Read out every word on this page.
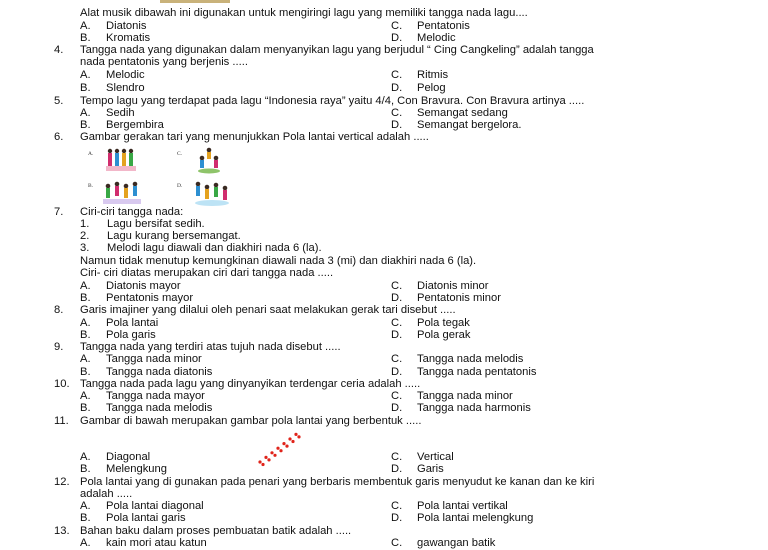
Alat musik dibawah ini digunakan untuk mengiringi lagu yang memiliki tangga nada lagu....
A. Diatonis	C. Pentatonis
B. Kromatis	D. Melodic
4. Tangga nada yang digunakan dalam menyanyikan lagu yang berjudul “ Cing Cangkeling” adalah tangga
nada pentatonis yang berjenis .....
A. Melodic	C. Ritmis
B. Slendro	D. Pelog
5. Tempo lagu yang terdapat pada lagu “Indonesia raya” yaitu 4/4, Con Bravura. Con Bravura artinya .....
A. Sedih	C. Semangat sedang
B. Bergembira	D. Semangat bergelora.
6. Gambar gerakan tari yang menunjukkan Pola lantai vertical adalah .....
A.	C.
B.	D.
7. Ciri-ciri tangga nada:
1. Lagu bersifat sedih.
2. Lagu kurang bersemangat.
3. Melodi lagu diawali dan diakhiri nada 6 (la).
Namun tidak menutup kemungkinan diawali nada 3 (mi) dan diakhiri nada 6 (la).
Ciri- ciri diatas merupakan ciri dari tangga nada .....
A. Diatonis mayor	C. Diatonis minor
B. Pentatonis mayor	D. Pentatonis minor
8. Garis imajiner yang dilalui oleh penari saat melakukan gerak tari disebut .....
A. Pola lantai	C. Pola tegak
B. Pola garis	D. Pola gerak
9. Tangga nada yang terdiri atas tujuh nada disebut .....
A. Tangga nada minor	C. Tangga nada melodis
B. Tangga nada diatonis	D. Tangga nada pentatonis
10. Tangga nada pada lagu yang dinyanyikan terdengar ceria adalah .....
A. Tangga nada mayor	C. Tangga nada minor
B. Tangga nada melodis	D. Tangga nada harmonis
11. Gambar di bawah merupakan gambar pola lantai yang berbentuk .....
A. Diagonal	C. Vertical
B. Melengkung	D. Garis
12. Pola lantai yang di gunakan pada penari yang berbaris membentuk garis menyudut ke kanan dan ke kiri
adalah .....
A. Pola lantai diagonal	C. Pola lantai vertikal
B. Pola lantai garis	D. Pola lantai melengkung
13. Bahan baku dalam proses pembuatan batik adalah .....
A. kain mori atau katun	C. gawangan batik
